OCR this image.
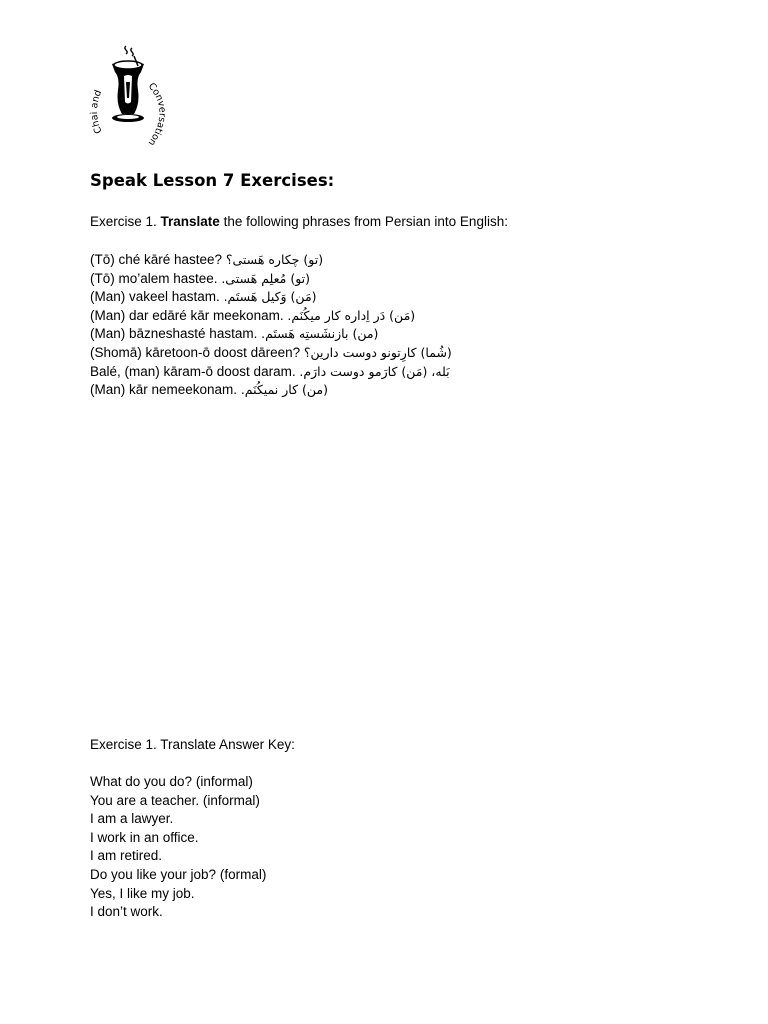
Chai and
Conversation
Speak Lesson 7 Exercises:
Exercise 1. Translate the following phrases from Persian into English:
(Tō) ché kāré hastee? (تو) چکاره هَستی؟
(Tō) mo’alem hastee. (تو) مُعلِم هَستی.
(Man) vakeel hastam. (مَن) وَکیل هَستَم.
(Man) dar edāré kār meekonam. (مَن) دَر اِداره کار میکُنَم.
(Man) bāzneshasté hastam. (من) بازنشَستِه هَستَم.
(Shomā) kāretoon-ō doost dāreen? (شُما) کارِتونو دوست دارین؟
Balé, (man) kāram-ō doost daram. بَله، (مَن) کارَمو دوست دارَم.
(Man) kār nemeekonam. (من) کار نمیکُنَم.
Exercise 1. Translate Answer Key:
What do you do? (informal)
You are a teacher. (informal)
I am a lawyer.
I work in an office.
I am retired.
Do you like your job? (formal)
Yes, I like my job.
I don’t work.
